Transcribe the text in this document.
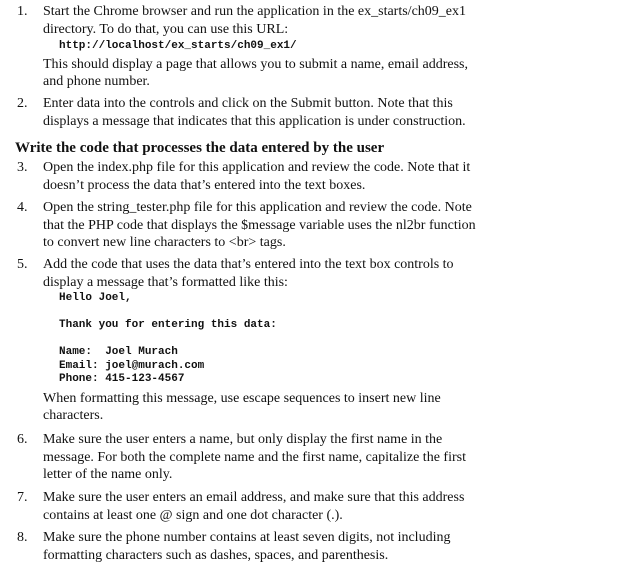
1.	Start the Chrome browser and run the application in the ex_starts/ch09_ex1
directory. To do that, you can use this URL:
http://localhost/ex_starts/ch09_ex1/
This should display a page that allows you to submit a name, email address,
and phone number.
2.	Enter data into the controls and click on the Submit button. Note that this
displays a message that indicates that this application is under construction.
Write the code that processes the data entered by the user
3.	Open the index.php file for this application and review the code. Note that it
doesn’t process the data that’s entered into the text boxes.
4.	Open the string_tester.php file for this application and review the code. Note
that the PHP code that displays the $message variable uses the nl2br function
to convert new line characters to <br> tags.
5.	Add the code that uses the data that’s entered into the text box controls to
display a message that’s formatted like this:
Hello Joel,
Thank you for entering this data:
Name:  Joel Murach
Email: joel@murach.com
Phone: 415-123-4567
When formatting this message, use escape sequences to insert new line
characters.
6.	Make sure the user enters a name, but only display the first name in the
message. For both the complete name and the first name, capitalize the first
letter of the name only.
7.	Make sure the user enters an email address, and make sure that this address
contains at least one @ sign and one dot character (.).
8.	Make sure the phone number contains at least seven digits, not including
formatting characters such as dashes, spaces, and parenthesis.
